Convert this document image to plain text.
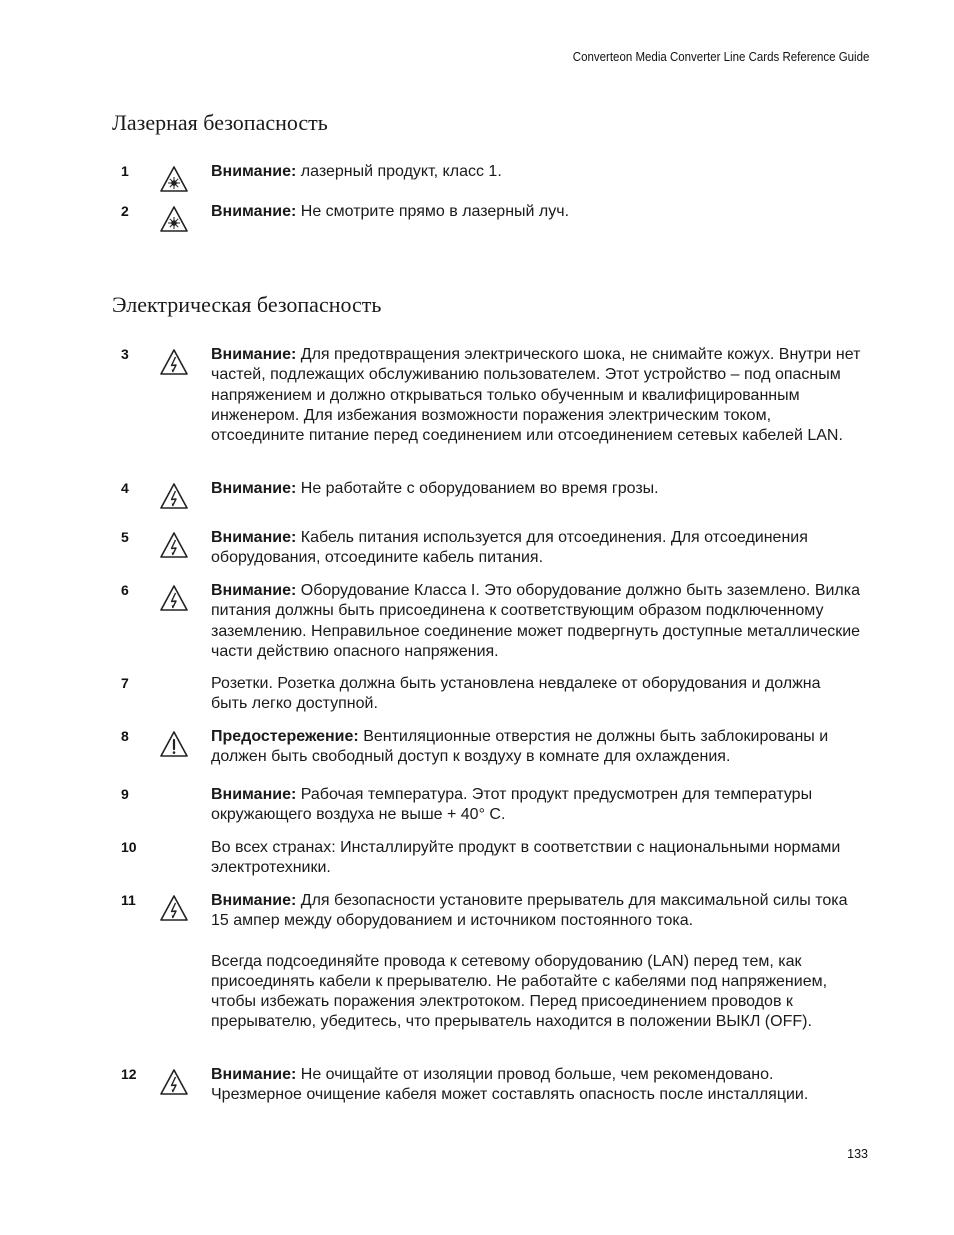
Converteon Media Converter Line Cards Reference Guide
Лазерная безопасность
1	Внимание: лазерный продукт, класс 1.
2	Внимание: Не смотрите прямо в лазерный луч.
Электрическая безопасность
3	Внимание: Для предотвращения электрического шока, не снимайте кожух. Внутри нет частей, подлежащих обслуживанию пользователем. Этот устройство – под опасным напряжением и должно открываться только обученным и квалифицированным инженером. Для избежания возможности поражения электрическим током, отсоедините питание перед соединением или отсоединением сетевых кабелей LAN.
4	Внимание: Не работайте с оборудованием во время грозы.
5	Внимание: Кабель питания используется для отсоединения. Для отсоединения оборудования, отсоедините кабель питания.
6	Внимание: Оборудование Класса I. Это оборудование должно быть заземлено. Вилка питания должны быть присоединена к соответствующим образом подключенному заземлению. Неправильное соединение может подвергнуть доступные металлические части действию опасного напряжения.
7	Розетки. Розетка должна быть установлена невдалеке от оборудования и должна быть легко доступной.
8	Предостережение: Вентиляционные отверстия не должны быть заблокированы и должен быть свободный доступ к воздуху в комнате для охлаждения.
9	Внимание: Рабочая температура. Этот продукт предусмотрен для температуры окружающего воздуха не выше + 40° C.
10	Во всех странах: Инсталлируйте продукт в соответствии с национальными нормами электротехники.
11	Внимание: Для безопасности установите прерыватель для максимальной силы тока 15 ампер между оборудованием и источником постоянного тока.

Всегда подсоединяйте провода к сетевому оборудованию (LAN) перед тем, как присоединять кабели к прерывателю. Не работайте с кабелями под напряжением, чтобы избежать поражения электротоком. Перед присоединением проводов к прерывателю, убедитесь, что прерыватель находится в положении ВЫКЛ (OFF).

12	Внимание: Не очищайте от изоляции провод больше, чем рекомендовано. Чрезмерное очищение кабеля может составлять опасность после инсталляции.
133
